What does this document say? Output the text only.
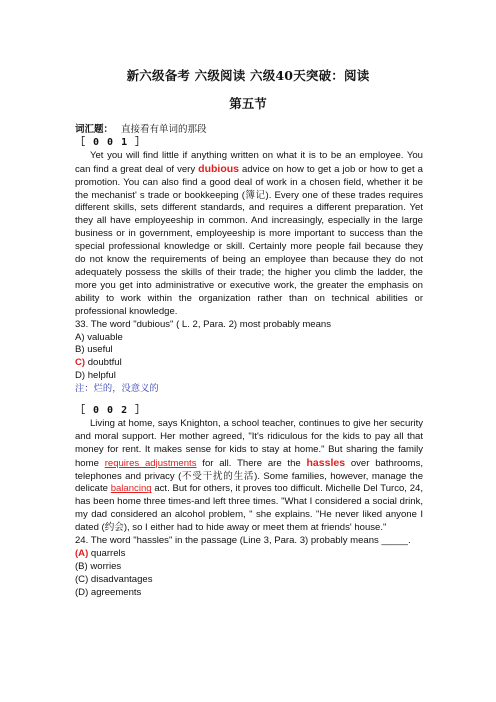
新六级备考 六级阅读 六级40天突破：阅读
第五节

词汇题： 直接看有单词的那段

［ 0 0 1 ］

Yet you will find little if anything written on what it is to be an employee. You can find a great deal of very dubious advice on how to get a job or how to get a promotion. You can also find a good deal of work in a chosen field, whether it be the mechanist' s trade or bookkeeping (簿记). Every one of these trades requires different skills, sets different standards, and requires a different preparation. Yet they all have employeeship in common. And increasingly, especially in the large business or in government, employeeship is more important to success than the special professional knowledge or skill. Certainly more people fail because they do not know the requirements of being an employee than because they do not adequately possess the skills of their trade; the higher you climb the ladder, the more you get into administrative or executive work, the greater the emphasis on ability to work within the organization rather than on technical abilities or professional knowledge.

33. The word "dubious" ( L. 2, Para. 2) most probably means

A) valuable

B) useful

C) doubtful

D) helpful

注：烂的，没意义的

［ 0 0 2 ］

Living at home, says Knighton, a school teacher, continues to give her security and moral support. Her mother agreed, "It's ridiculous for the kids to pay all that money for rent. It makes sense for kids to stay at home." But sharing the family home requires adjustments for all. There are the hassles over bathrooms, telephones and privacy (不受干扰的生活). Some families, however, manage the delicate balancing act. But for others, it proves too difficult. Michelle Del Turco, 24, has been home three times-and left three times. "What I considered a social drink, my dad considered an alcohol problem, " she explains. "He never liked anyone I dated (约会), so I either had to hide away or meet them at friends' house."

24. The word "hassles" in the passage (Line 3, Para. 3) probably means _____.

(A) quarrels

(B) worries

(C) disadvantages

(D) agreements
